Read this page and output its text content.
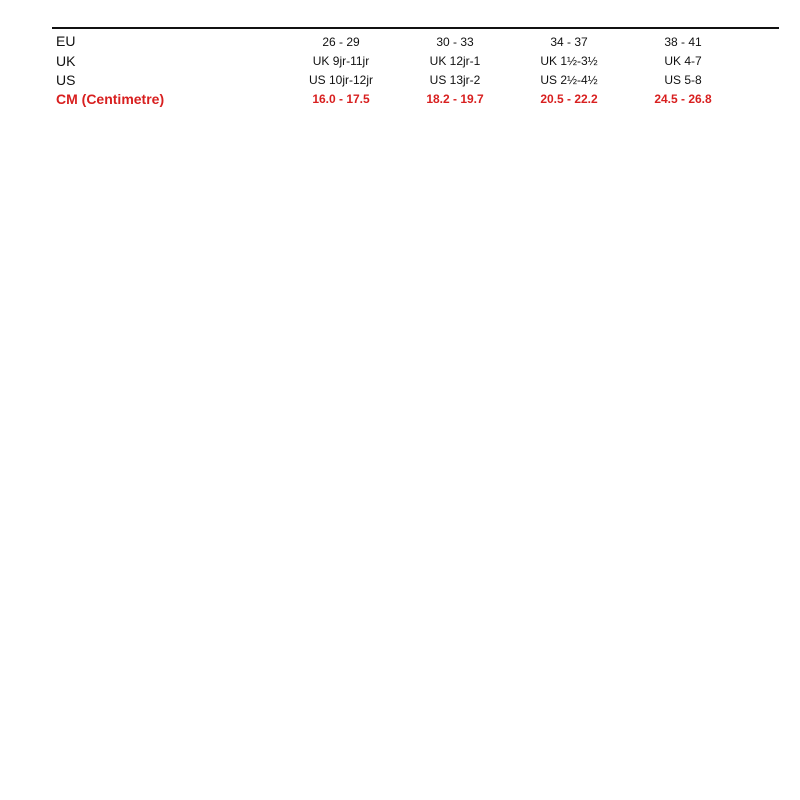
EU	26 - 29	30 - 33	34 - 37	38 - 41
UK	UK 9jr-11jr	UK 12jr-1	UK 1½-3½	UK 4-7
US	US 10jr-12jr	US 13jr-2	US 2½-4½	US 5-8
CM (Centimetre)	16.0 - 17.5	18.2 - 19.7	20.5 - 22.2	24.5 - 26.8
